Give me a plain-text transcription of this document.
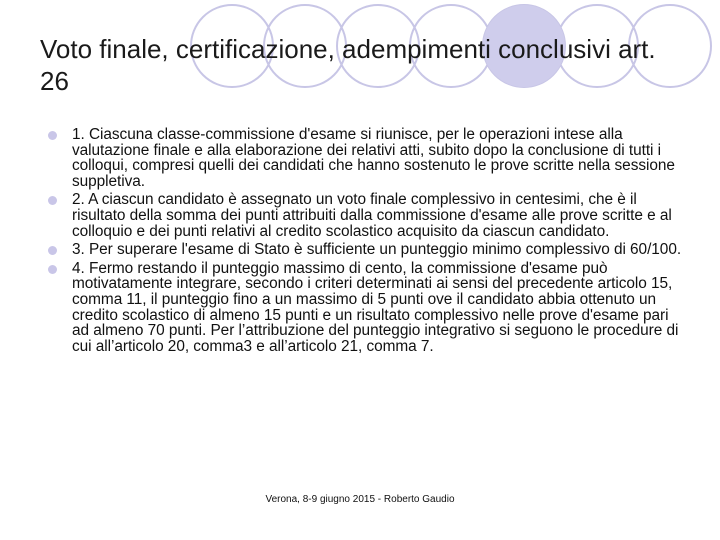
Voto finale, certificazione, adempimenti conclusivi art. 26
1. Ciascuna classe-commissione d'esame si riunisce, per le operazioni intese alla valutazione finale e alla elaborazione dei relativi atti, subito dopo la conclusione di tutti i colloqui, compresi quelli dei candidati che hanno sostenuto le prove scritte nella sessione suppletiva.
2. A ciascun candidato è assegnato un voto finale complessivo in centesimi, che è il risultato della somma dei punti attribuiti dalla commissione d'esame alle prove scritte e al colloquio e dei punti relativi al credito scolastico acquisito da ciascun candidato.
3. Per superare l'esame di Stato è sufficiente un punteggio minimo complessivo di 60/100.
4. Fermo restando il punteggio massimo di cento, la commissione d'esame può motivatamente integrare, secondo i criteri determinati ai sensi del precedente articolo 15, comma 11, il punteggio fino a un massimo di 5 punti ove il candidato abbia ottenuto un credito scolastico di almeno 15 punti e un risultato complessivo nelle prove d'esame pari ad almeno 70 punti. Per l’attribuzione del punteggio integrativo si seguono le procedure di cui all’articolo 20, comma3 e all’articolo 21, comma 7.
Verona, 8-9 giugno 2015 - Roberto Gaudio
